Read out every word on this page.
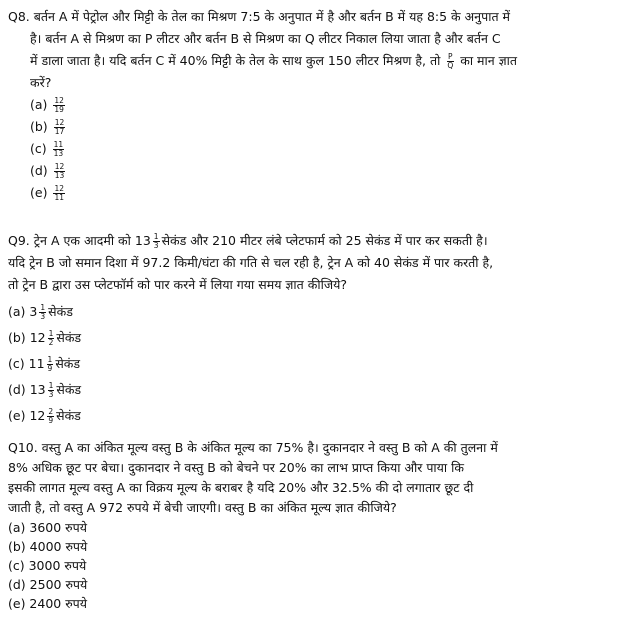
Q8. बर्तन A में पेट्रोल और मिट्टी के तेल का मिश्रण 7:5 के अनुपात में है और बर्तन B में यह 8:5 के अनुपात में
है। बर्तन A से मिश्रण का P लीटर और बर्तन B से मिश्रण का Q लीटर निकाल लिया जाता है और बर्तन C
में डाला जाता है। यदि बर्तन C में 40% मिट्टी के तेल के साथ कुल 150 लीटर मिश्रण है, तो $\frac{P}{Q}$ का मान ज्ञात
करें?
$(a) \frac{12}{19}$
$(b) \frac{12}{17}$
$(c) \frac{11}{13}$
$(d) \frac{12}{13}$
$(e) \frac{12}{11}$
Q9. ट्रेन A एक आदमी को $13 \frac{1}{3}$ सेकंड और 210 मीटर लंबे प्लेटफार्म को 25 सेकंड में पार कर सकती है।
यदि ट्रेन B जो समान दिशा में 97.2 किमी/घंटा की गति से चल रही है, ट्रेन A को 40 सेकंड में पार करती है,
तो ट्रेन B द्वारा उस प्लेटफॉर्म को पार करने में लिया गया समय ज्ञात कीजिये?
(a) $3 \frac{1}{3}$ सेकंड
(b) $12 \frac{1}{2}$ सेकंड
(c) $11 \frac{1}{9}$ सेकंड
(d) $13 \frac{1}{3}$ सेकंड
(e) $12 \frac{2}{9}$ सेकंड
Q10. वस्तु A का अंकित मूल्य वस्तु B के अंकित मूल्य का 75% है। दुकानदार ने वस्तु B को A की तुलना में
8% अधिक छूट पर बेचा। दुकानदार ने वस्तु B को बेचने पर 20% का लाभ प्राप्त किया और पाया कि
इसकी लागत मूल्य वस्तु A का विक्रय मूल्य के बराबर है यदि 20% और 32.5% की दो लगातार छूट दी
जाती है, तो वस्तु A 972 रुपये में बेची जाएगी। वस्तु B का अंकित मूल्य ज्ञात कीजिये?
(a) 3600 रुपये
(b) 4000 रुपये
(c) 3000 रुपये
(d) 2500 रुपये
(e) 2400 रुपये
